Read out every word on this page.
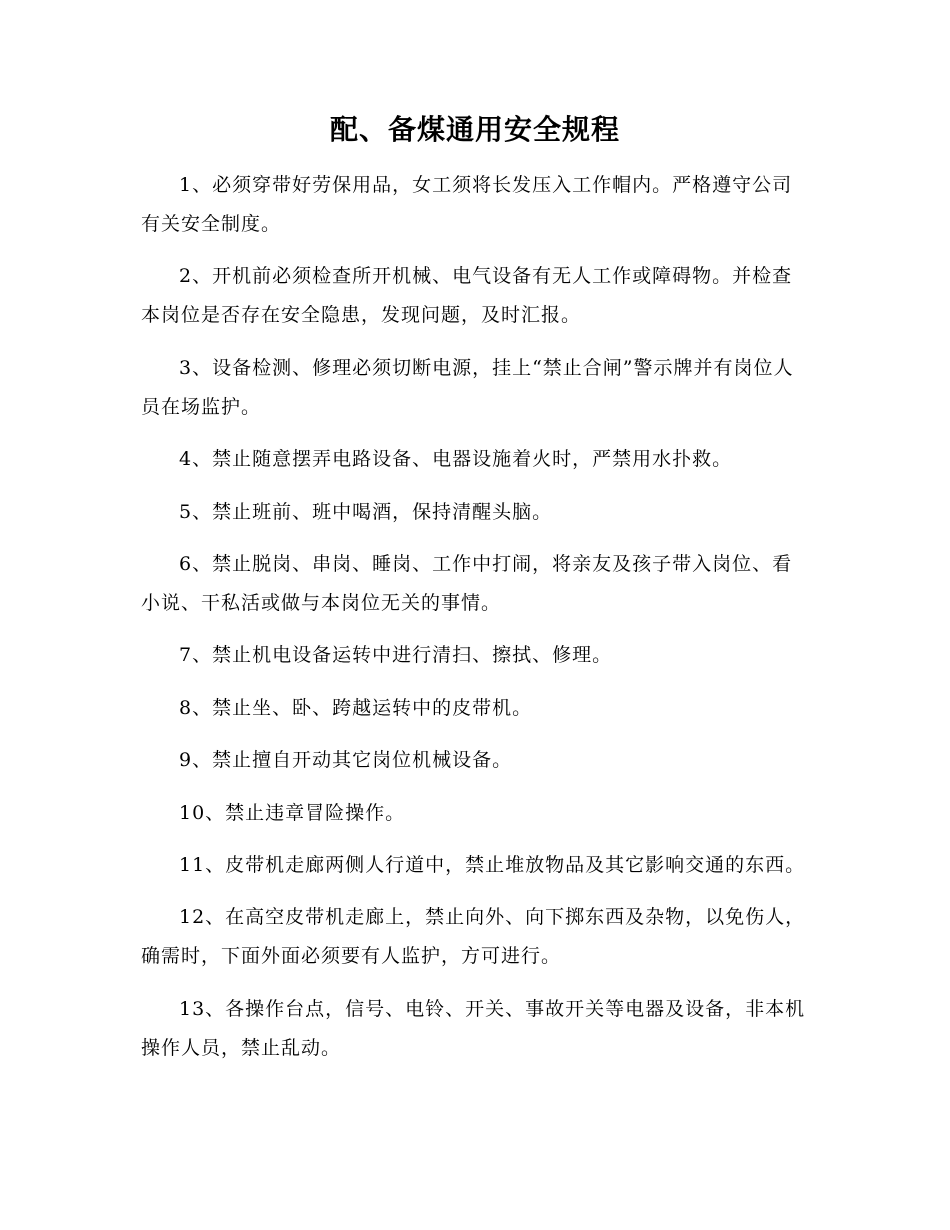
配、备煤通用安全规程

1、必须穿带好劳保用品，女工须将长发压入工作帽内。严格遵守公司有关安全制度。

2、开机前必须检查所开机械、电气设备有无人工作或障碍物。并检查本岗位是否存在安全隐患，发现问题，及时汇报。

3、设备检测、修理必须切断电源，挂上“禁止合闸”警示牌并有岗位人员在场监护。

4、禁止随意摆弄电路设备、电器设施着火时，严禁用水扑救。

5、禁止班前、班中喝酒，保持清醒头脑。

6、禁止脱岗、串岗、睡岗、工作中打闹，将亲友及孩子带入岗位、看小说、干私活或做与本岗位无关的事情。

7、禁止机电设备运转中进行清扫、擦拭、修理。

8、禁止坐、卧、跨越运转中的皮带机。

9、禁止擅自开动其它岗位机械设备。

10、禁止违章冒险操作。

11、皮带机走廊两侧人行道中，禁止堆放物品及其它影响交通的东西。

12、在高空皮带机走廊上，禁止向外、向下掷东西及杂物，以免伤人，确需时，下面外面必须要有人监护，方可进行。

13、各操作台点，信号、电铃、开关、事故开关等电器及设备，非本机操作人员，禁止乱动。
